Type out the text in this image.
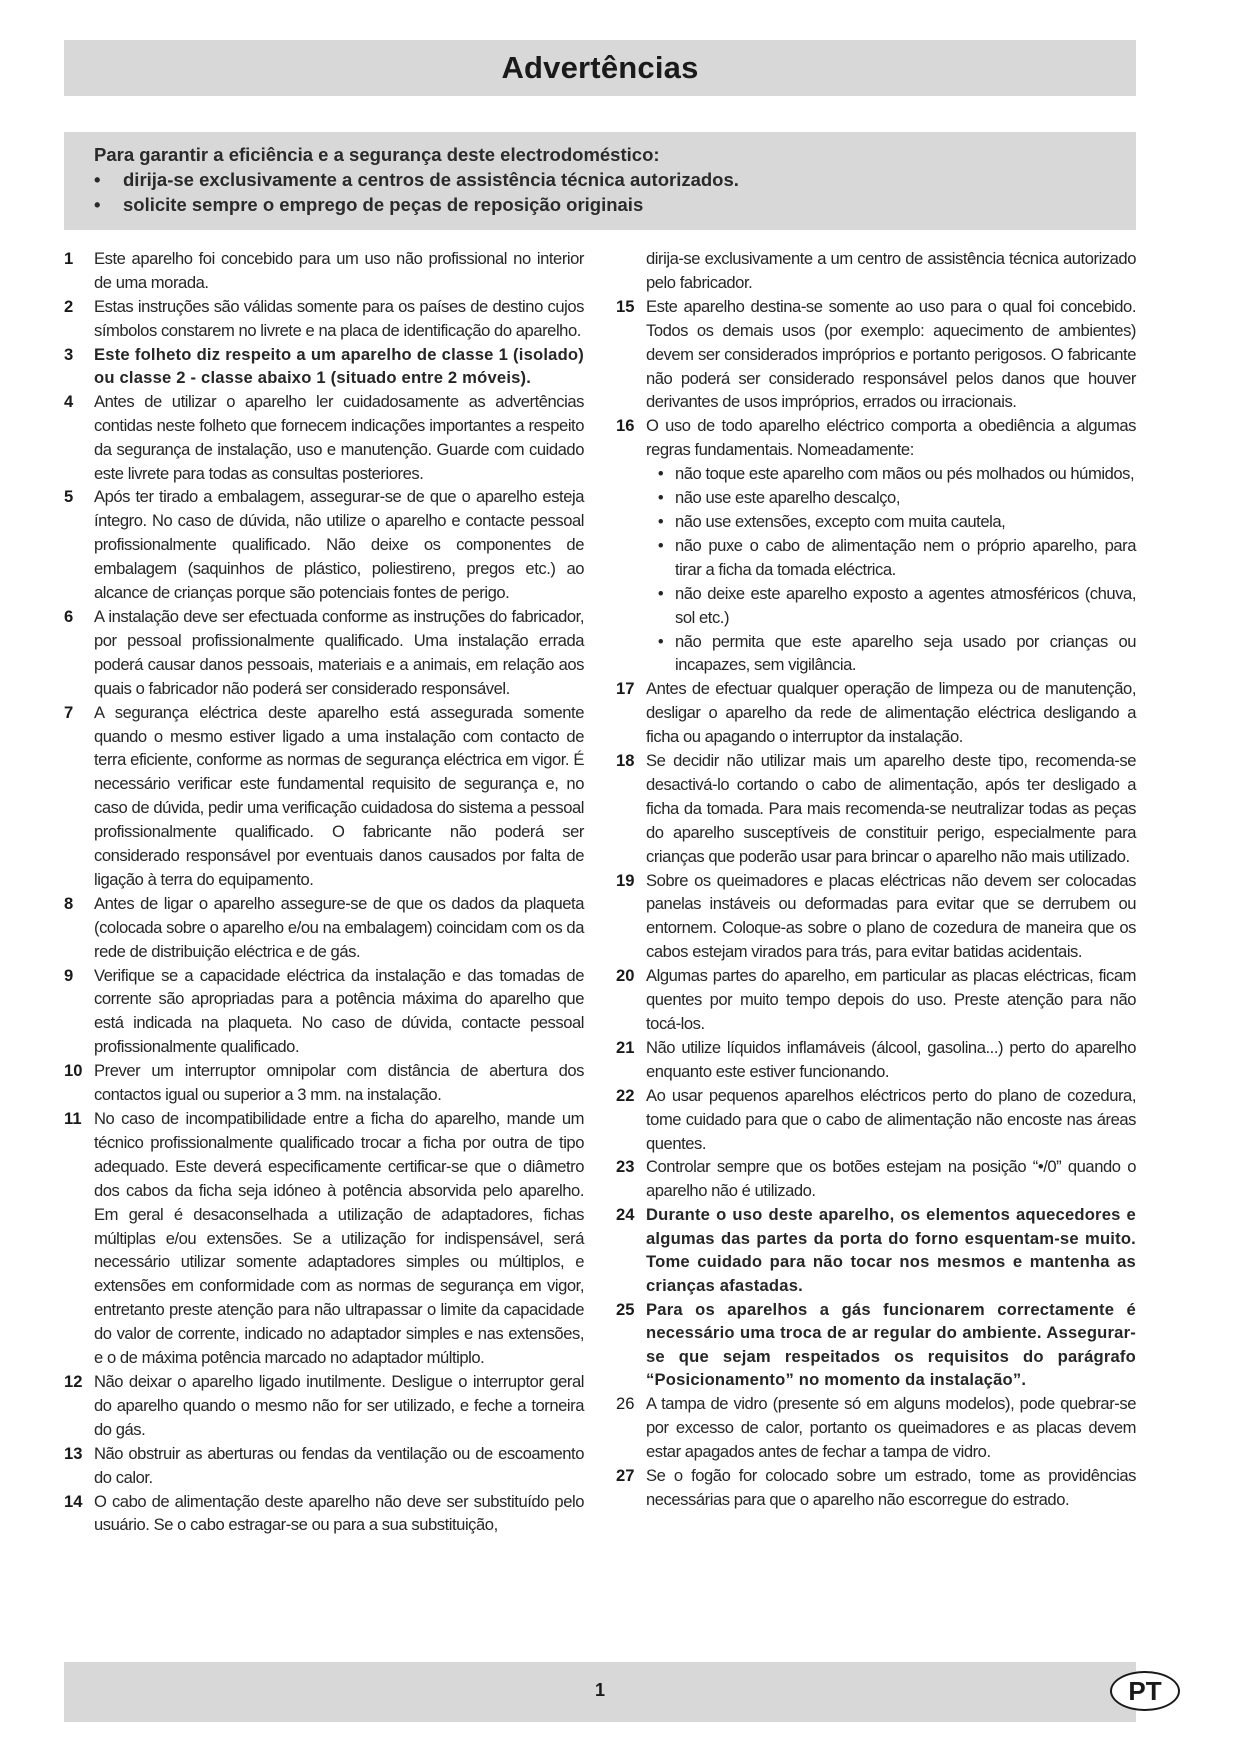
Advertências
Para garantir a eficiência e a segurança deste electrodoméstico:
•	dirija-se exclusivamente a centros de assistência técnica autorizados.
•	solicite sempre o emprego de peças de reposição originais
1	Este aparelho foi concebido para um uso não profissional no interior de uma morada.
2	Estas instruções são válidas somente para os países de destino cujos símbolos constarem no livrete e na placa de identificação do aparelho.
3	Este folheto diz respeito a um aparelho de classe 1 (isolado) ou classe 2 - classe abaixo 1 (situado entre 2 móveis).
4	Antes de utilizar o aparelho ler cuidadosamente as advertências contidas neste folheto que fornecem indicações importantes a respeito da segurança de instalação, uso e manutenção. Guarde com cuidado este livrete para todas as consultas posteriores.
5	Após ter tirado a embalagem, assegurar-se de que o aparelho esteja íntegro. No caso de dúvida, não utilize o aparelho e contacte pessoal profissionalmente qualificado. Não deixe os componentes de embalagem (saquinhos de plástico, poliestireno, pregos etc.) ao alcance de crianças porque são potenciais fontes de perigo.
6	A instalação deve ser efectuada conforme as instruções do fabricador, por pessoal profissionalmente qualificado. Uma instalação errada poderá causar danos pessoais, materiais e a animais, em relação aos quais o fabricador não poderá ser considerado responsável.
7	A segurança eléctrica deste aparelho está assegurada somente quando o mesmo estiver ligado a uma instalação com contacto de terra eficiente, conforme as normas de segurança eléctrica em vigor. É necessário verificar este fundamental requisito de segurança e, no caso de dúvida, pedir uma verificação cuidadosa do sistema a pessoal profissionalmente qualificado. O fabricante não poderá ser considerado responsável por eventuais danos causados por falta de ligação à terra do equipamento.
8	Antes de ligar o aparelho assegure-se de que os dados da plaqueta (colocada sobre o aparelho e/ou na embalagem) coincidam com os da rede de distribuição eléctrica e de gás.
9	Verifique se a capacidade eléctrica da instalação e das tomadas de corrente são apropriadas para a potência máxima do aparelho que está indicada na plaqueta. No caso de dúvida, contacte pessoal profissionalmente qualificado.
10 Prever um interruptor omnipolar com distância de abertura dos contactos igual ou superior a 3 mm. na instalação.
11 No caso de incompatibilidade entre a ficha do aparelho, mande um técnico profissionalmente qualificado trocar a ficha por outra de tipo adequado. Este deverá especificamente certificar-se que o diâmetro dos cabos da ficha seja idóneo à potência absorvida pelo aparelho. Em geral é desaconselhada a utilização de adaptadores, fichas múltiplas e/ou extensões. Se a utilização for indispensável, será necessário utilizar somente adaptadores simples ou múltiplos, e extensões em conformidade com as normas de segurança em vigor, entretanto preste atenção para não ultrapassar o limite da capacidade do valor de corrente, indicado no adaptador simples e nas extensões, e o de máxima potência marcado no adaptador múltiplo.
12 Não deixar o aparelho ligado inutilmente. Desligue o interruptor geral do aparelho quando o mesmo não for ser utilizado, e feche a torneira do gás.
13 Não obstruir as aberturas ou fendas da ventilação ou de escoamento do calor.
14 O cabo de alimentação deste aparelho não deve ser substituído pelo usuário. Se o cabo estragar-se ou para a sua substituição,
dirija-se exclusivamente a um centro de assistência técnica autorizado pelo fabricador.
15 Este aparelho destina-se somente ao uso para o qual foi concebido. Todos os demais usos (por exemplo: aquecimento de ambientes) devem ser considerados impróprios e portanto perigosos. O fabricante não poderá ser considerado responsável pelos danos que houver derivantes de usos impróprios, errados ou irracionais.
16 O uso de todo aparelho eléctrico comporta a obediência a algumas regras fundamentais. Nomeadamente:
• não toque este aparelho com mãos ou pés molhados ou húmidos,
• não use este aparelho descalço,
• não use extensões, excepto com muita cautela,
• não puxe o cabo de alimentação nem o próprio aparelho, para tirar a ficha da tomada eléctrica.
• não deixe este aparelho exposto a agentes atmosféricos (chuva, sol etc.)
• não permita que este aparelho seja usado por crianças ou incapazes, sem vigilância.
17 Antes de efectuar qualquer operação de limpeza ou de manutenção, desligar o aparelho da rede de alimentação eléctrica desligando a ficha ou apagando o interruptor da instalação.
18 Se decidir não utilizar mais um aparelho deste tipo, recomenda-se desactivá-lo cortando o cabo de alimentação, após ter desligado a ficha da tomada. Para mais recomenda-se neutralizar todas as peças do aparelho susceptíveis de constituir perigo, especialmente para crianças que poderão usar para brincar o aparelho não mais utilizado.
19 Sobre os queimadores e placas eléctricas não devem ser colocadas panelas instáveis ou deformadas para evitar que se derrubem ou entornem. Coloque-as sobre o plano de cozedura de maneira que os cabos estejam virados para trás, para evitar batidas acidentais.
20 Algumas partes do aparelho, em particular as placas eléctricas, ficam quentes por muito tempo depois do uso. Preste atenção para não tocá-los.
21 Não utilize líquidos inflamáveis (álcool, gasolina...) perto do aparelho enquanto este estiver funcionando.
22 Ao usar pequenos aparelhos eléctricos perto do plano de cozedura, tome cuidado para que o cabo de alimentação não encoste nas áreas quentes.
23 Controlar sempre que os botões estejam na posição “•/0” quando o aparelho não é utilizado.
24 Durante o uso deste aparelho, os elementos aquecedores e algumas das partes da porta do forno esquentam-se muito. Tome cuidado para não tocar nos mesmos e mantenha as crianças afastadas.
25 Para os aparelhos a gás funcionarem correctamente é necessário uma troca de ar regular do ambiente. Assegurar-se que sejam respeitados os requisitos do parágrafo “Posicionamento” no momento da instalação”.
26 A tampa de vidro (presente só em alguns modelos), pode quebrar-se por excesso de calor, portanto os queimadores e as placas devem estar apagados antes de fechar a tampa de vidro.
27 Se o fogão for colocado sobre um estrado, tome as providências necessárias para que o aparelho não escorregue do estrado.
1	PT
